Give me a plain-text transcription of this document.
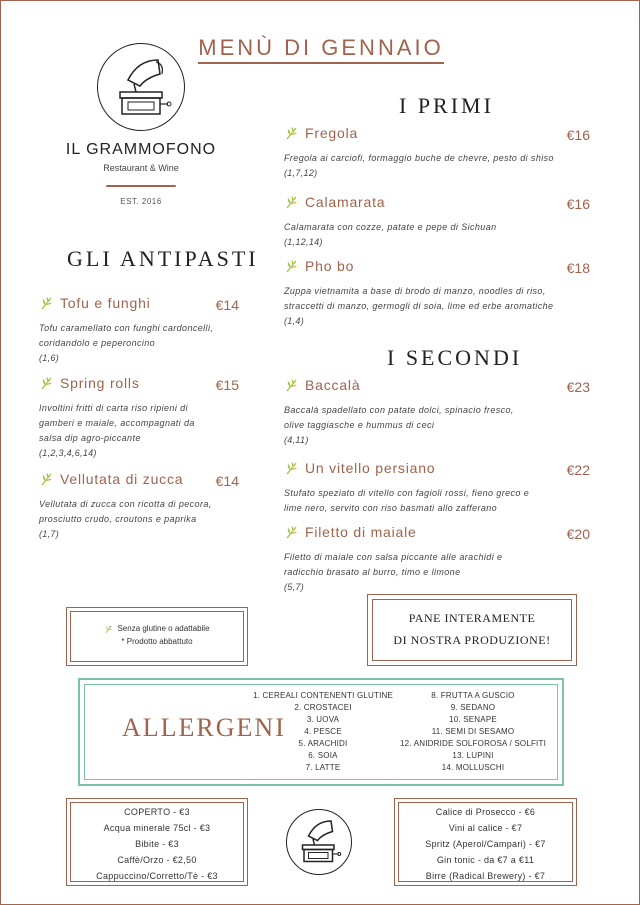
MENÙ DI GENNAIO
IL GRAMMOFONO
Restaurant & Wine
EST. 2016
GLI ANTIPASTI
Tofu e funghi	€14
Tofu caramellato con funghi cardoncelli,
coridandolo e peperoncino
(1,6)
Spring rolls	€15
Involtini fritti di carta riso ripieni di
gamberi e maiale, accompagnati da
salsa dip agro-piccante
(1,2,3,4,6,14)
Vellutata di zucca €14
Vellutata di zucca con ricotta di pecora,
prosciutto crudo, croutons e paprika
(1,7)
I PRIMI
Fregola	€16
Fregola ai carciofi, formaggio buche de chevre, pesto di shiso
(1,7,12)
Calamarata	€16
Calamarata con cozze, patate e pepe di Sichuan
(1,12,14)
Pho bo	€18
Zuppa vietnamita a base di brodo di manzo, noodles di riso,
straccetti di manzo, germogli di soia, lime ed erbe aromatiche
(1,4)
I SECONDI
Baccalà	€23
Baccalà spadellato con patate dolci, spinacio fresco,
olive taggiasche e hummus di ceci
(4,11)
Un vitello persiano	€22
Stufato speziato di vitello con fagioli rossi, fieno greco e
lime nero, servito con riso basmati allo zafferano
Filetto di maiale	€20
Filetto di maiale con salsa piccante alle arachidi e
radicchio brasato al burro, timo e limone
(5,7)
Senza glutine o adattabile
* Prodotto abbattuto
PANE INTERAMENTE
DI NOSTRA PRODUZIONE!
ALLERGENI
1. CEREALI CONTENENTI GLUTINE
2. CROSTACEI
3. UOVA
4. PESCE
5. ARACHIDI
6. SOIA
7. LATTE
8. FRUTTA A GUSCIO
9. SEDANO
10. SENAPE
11. SEMI DI SESAMO
12. ANIDRIDE SOLFOROSA / SOLFITI
13. LUPINI
14. MOLLUSCHI
COPERTO - €3
Acqua minerale 75cl - €3
Bibite - €3
Caffè/Orzo - €2,50
Cappuccino/Corretto/Tè - €3
Calice di Prosecco - €6
Vini al calice - €7
Spritz (Aperol/Campari) - €7
Gin tonic - da €7 a €11
Birre (Radical Brewery) - €7
